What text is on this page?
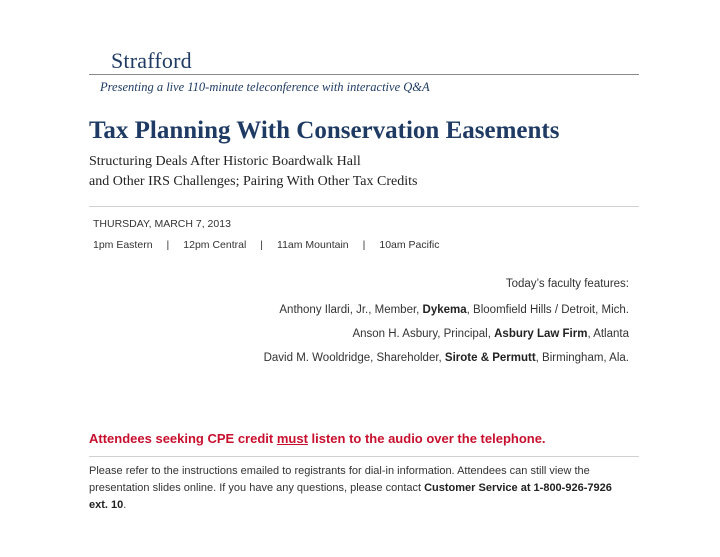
Strafford
Presenting a live 110-minute teleconference with interactive Q&A
Tax Planning With Conservation Easements
Structuring Deals After Historic Boardwalk Hall
and Other IRS Challenges; Pairing With Other Tax Credits
THURSDAY, MARCH 7, 2013
1pm Eastern | 12pm Central | 11am Mountain | 10am Pacific
Today’s faculty features:
Anthony Ilardi, Jr., Member, Dykema, Bloomfield Hills / Detroit, Mich.
Anson H. Asbury, Principal, Asbury Law Firm, Atlanta
David M. Wooldridge, Shareholder, Sirote & Permutt, Birmingham, Ala.

Attendees seeking CPE credit must listen to the audio over the telephone.

Please refer to the instructions emailed to registrants for dial-in information. Attendees can still view the presentation slides online. If you have any questions, please contact Customer Service at 1-800-926-7926 ext. 10.
